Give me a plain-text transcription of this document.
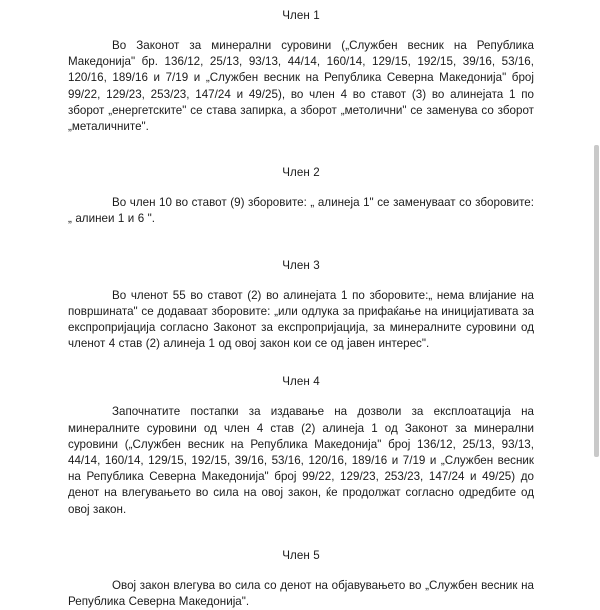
Член 1

Во Законот за минерални суровини („Службен весник на Република Македонија" бр. 136/12, 25/13, 93/13, 44/14, 160/14, 129/15, 192/15, 39/16, 53/16, 120/16, 189/16 и 7/19 и „Службен весник на Република Северна Македонија" број 99/22, 129/23, 253/23, 147/24 и 49/25), во член 4 во ставот (3) во алинејата 1 по зборот „енергетските" се става запирка, а зборот „метолични" се заменува со зборот „металичните".

Член 2

Во член 10 во ставот (9) зборовите: „ алинеја 1" се заменуваат со зборовите: „ алинеи 1 и 6 ".

Член 3

Во членот 55 во ставот (2) во алинејата 1 по зборовите:„ нема влијание на површината" се додаваат зборовите: „или одлука за прифаќање на иницијативата за експропријација согласно Законот за експропријација, за минералните суровини од членот 4 став (2) алинеја 1 од овој закон кои се од јавен интерес".

Член 4

Започнатите постапки за издавање на дозволи за експлоатација на минералните суровини од член 4 став (2) алинеја 1 од Законот за минерални суровини („Службен весник на Република Македонија" број 136/12, 25/13, 93/13, 44/14, 160/14, 129/15, 192/15, 39/16, 53/16, 120/16, 189/16 и 7/19 и „Службен весник на Република Северна Македонија" број 99/22, 129/23, 253/23, 147/24 и 49/25) до денот на влегувањето во сила на овој закон, ќе продолжат согласно одредбите од овој закон.

Член 5

Овој закон влегува во сила со денот на објавувањето во „Службен весник на Република Северна Македонија".
